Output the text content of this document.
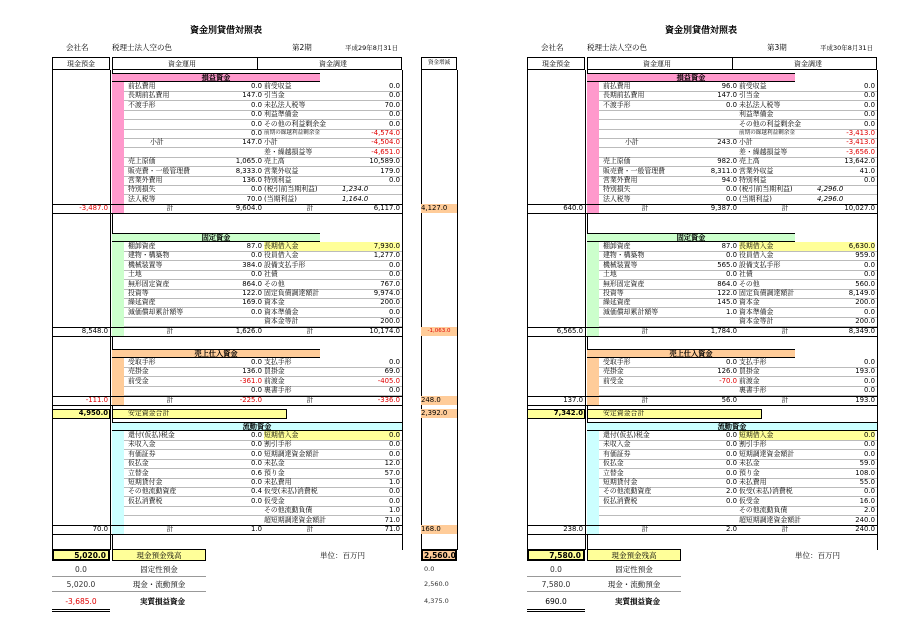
資金別貸借対照表
会社名	税理士法人空の色	第2期	平成29年8月31日
現金預金	資金運用	資金調達	資金増減
損益資金
前払費用	0.0 前受収益	0.0
長期前払費用	147.0 引当金	0.0
不渡手形	0.0 未払法人税等	70.0
0.0 利益準備金	0.0
0.0 その他の利益剰余金	0.0
0.0 前期の繰越利益剰余金	-4,574.0
小計	147.0 小計	-4,504.0
差・繰越損益等	-4,651.0
売上原価	1,065.0 売上高	10,589.0
販売費・一般管理費	8,333.0 営業外収益	179.0
営業外費用	136.0 特別利益	0.0
特別損失	0.0 (税引前当期利益)	1,234.0
法人税等	70.0 (当期利益)	1,164.0
-3,487.0	計	9,604.0	計	6,117.0	4,127.0
固定資金
棚卸資産	87.0 長期借入金	7,930.0
建物・構築物	0.0 役員借入金	1,277.0
機械装置等	384.0 設備支払手形	0.0
土地	0.0 社債	0.0
無形固定資産	864.0 その他	767.0
投資等	122.0 固定負債調達額計	9,974.0
繰延資産	169.0 資本金	200.0
減価償却累計額等	0.0 資本準備金	0.0
資本金等計	200.0
8,548.0	計	1,626.0	計	10,174.0	-1,063.0
売上仕入資金
受取手形	0.0 支払手形	0.0
売掛金	136.0 買掛金	69.0
前受金	-361.0 前渡金	-405.0
0.0 裏書手形	0.0
-111.0	計	-225.0	計	-336.0	248.0
流動資金
還付(仮払)税金	0.0 短期借入金	0.0
未収入金	0.0 割引手形	0.0
有価証券	0.0 短期調達資金額計	0.0
仮払金	0.0 未払金	12.0
立替金	0.6 預り金	57.0
短期貸付金	0.0 未払費用	1.0
その他流動資産	0.4 仮受(未払)消費税	0.0
仮払消費税	0.0 仮受金	0.0
その他流動負債	1.0
超短期調達資金額計	71.0
70.0	計	1.0	計	71.0	168.0
4,950.0	安定資金合計	2,392.0
5,020.0	現金預金残高	単位：百万円	2,560.0
0.0	固定性預金	0.0
5,020.0	現金・流動預金	2,560.0
-3,685.0	実質損益資金	4,375.0
資金別貸借対照表
会社名	税理士法人空の色	第3期	平成30年8月31日
現金預金	資金運用	資金調達
損益資金
前払費用	96.0 前受収益	0.0
長期前払費用	147.0 引当金	0.0
不渡手形	0.0 未払法人税等	0.0
利益準備金	0.0
その他の利益剰余金	0.0
前期の繰越利益剰余金	-3,413.0
小計	243.0 小計	-3,413.0
差・繰越損益等	-3,656.0
売上原価	982.0 売上高	13,642.0
販売費・一般管理費	8,311.0 営業外収益	41.0
営業外費用	94.0 特別利益	0.0
特別損失	0.0 (税引前当期利益)	4,296.0
法人税等	0.0 (当期利益)	4,296.0
640.0	計	9,387.0	計	10,027.0
固定資金
棚卸資産	87.0 長期借入金	6,630.0
建物・構築物	0.0 役員借入金	959.0
機械装置等	565.0 設備支払手形	0.0
土地	0.0 社債	0.0
無形固定資産	864.0 その他	560.0
投資等	122.0 固定負債調達額計	8,149.0
繰延資産	145.0 資本金	200.0
減価償却累計額等	1.0 資本準備金	0.0
資本金等計	200.0
6,565.0	計	1,784.0	計	8,349.0
売上仕入資金
受取手形	0.0 支払手形	0.0
売掛金	126.0 買掛金	193.0
前受金	-70.0 前渡金	0.0
裏書手形	0.0
137.0	計	56.0	計	193.0
流動資金
還付(仮払)税金	0.0 短期借入金	0.0
未収入金	0.0 割引手形	0.0
有価証券	0.0 短期調達資金額計	0.0
仮払金	0.0 未払金	59.0
立替金	0.0 預り金	108.0
短期貸付金	0.0 未払費用	55.0
その他流動資産	2.0 仮受(未払)消費税	0.0
仮払消費税	0.0 仮受金	16.0
その他流動負債	2.0
超短期調達資金額計	240.0
238.0	計	2.0	計	240.0
7,342.0	安定資金合計
7,580.0	現金預金残高	単位：百万円
0.0	固定性預金
7,580.0	現金・流動預金
690.0	実質損益資金
